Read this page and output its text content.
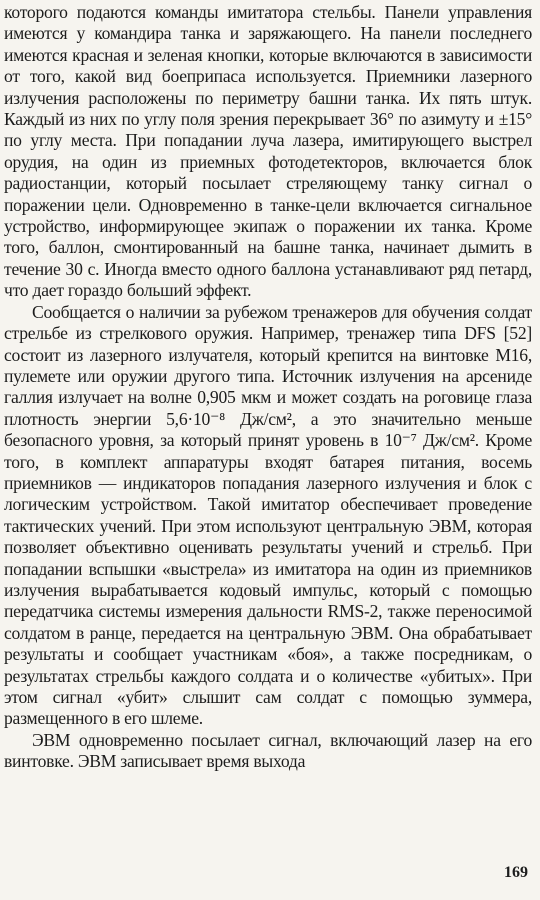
которого подаются команды имитатора стельбы. Панели управления имеются у командира танка и заряжающего. На панели последнего имеются красная и зеленая кнопки, которые включаются в зависимости от того, какой вид боеприпаса используется. Приемники лазерного излучения расположены по периметру башни танка. Их пять штук. Каждый из них по углу поля зрения перекрывает 36° по азимуту и ±15° по углу места. При попадании луча лазера, имитирующего выстрел орудия, на один из приемных фотодетекторов, включается блок радиостанции, который посылает стреляющему танку сигнал о поражении цели. Одновременно в танке-цели включается сигнальное устройство, информирующее экипаж о поражении их танка. Кроме того, баллон, смонтированный на башне танка, начинает дымить в течение 30 с. Иногда вместо одного баллона устанавливают ряд петард, что дает гораздо больший эффект.

Сообщается о наличии за рубежом тренажеров для обучения солдат стрельбе из стрелкового оружия. Например, тренажер типа DFS [52] состоит из лазерного излучателя, который крепится на винтовке M16, пулемете или оружии другого типа. Источник излучения на арсениде галлия излучает на волне 0,905 мкм и может создать на роговице глаза плотность энергии 5,6·10⁻⁸ Дж/см², а это значительно меньше безопасного уровня, за который принят уровень в 10⁻⁷ Дж/см². Кроме того, в комплект аппаратуры входят батарея питания, восемь приемников — индикаторов попадания лазерного излучения и блок с логическим устройством. Такой имитатор обеспечивает проведение тактических учений. При этом используют центральную ЭВМ, которая позволяет объективно оценивать результаты учений и стрельб. При попадании вспышки «выстрела» из имитатора на один из приемников излучения вырабатывается кодовый импульс, который с помощью передатчика системы измерения дальности RMS-2, также переносимой солдатом в ранце, передается на центральную ЭВМ. Она обрабатывает результаты и сообщает участникам «боя», а также посредникам, о результатах стрельбы каждого солдата и о количестве «убитых». При этом сигнал «убит» слышит сам солдат с помощью зуммера, размещенного в его шлеме.

ЭВМ одновременно посылает сигнал, включающий лазер на его винтовке. ЭВМ записывает время выхода

169
